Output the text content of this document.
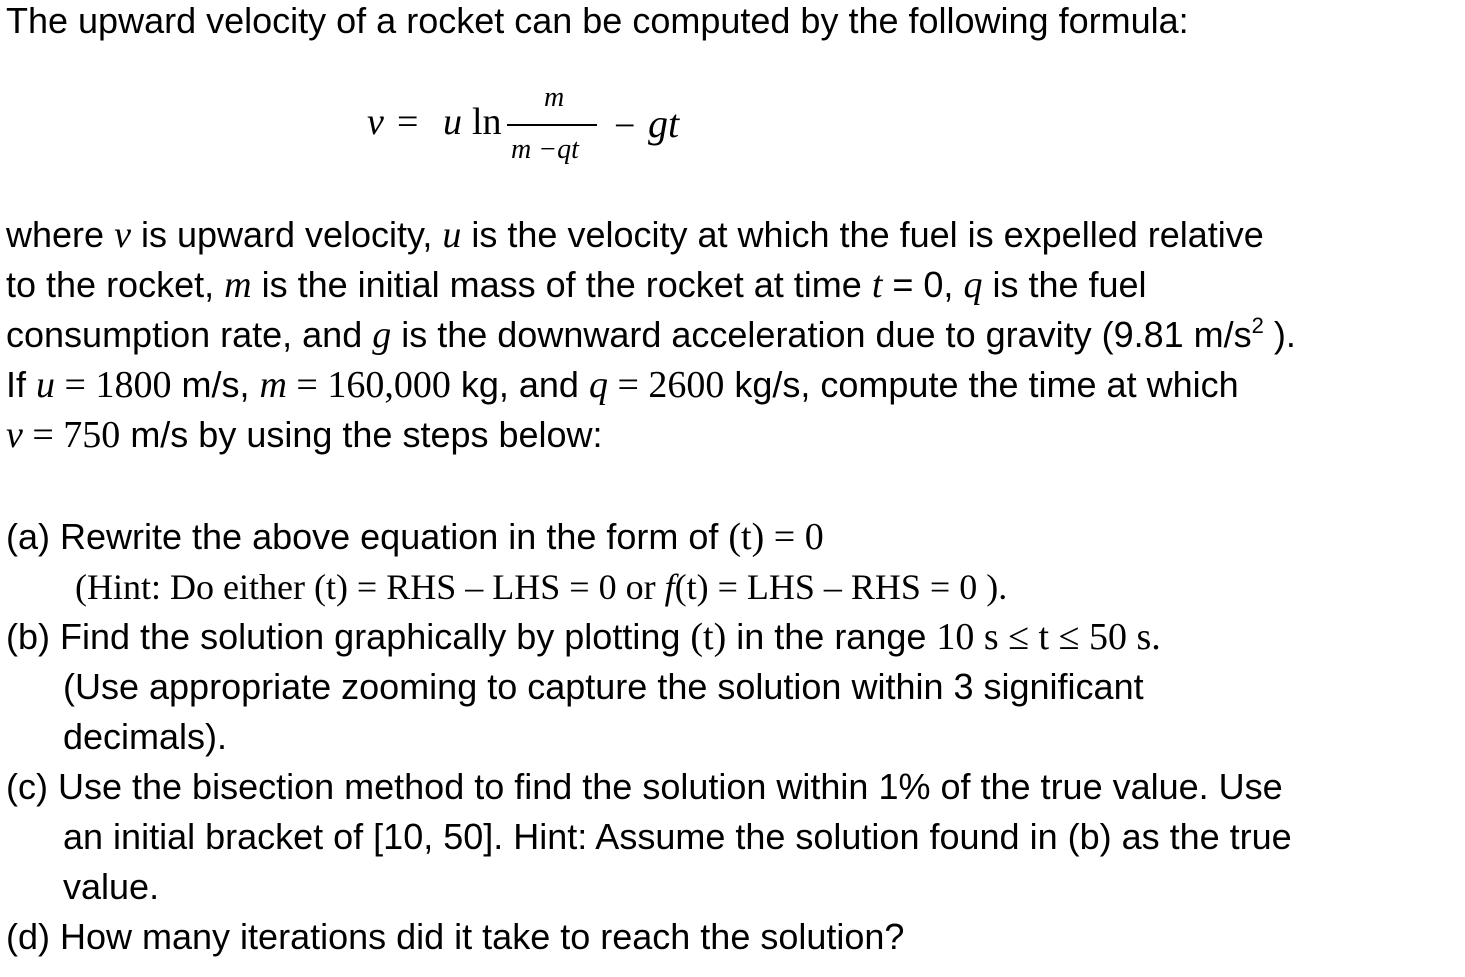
The upward velocity of a rocket can be computed by the following formula:
v = u ln
m
m −qt
− gt
where v is upward velocity, u is the velocity at which the fuel is expelled relative
to the rocket, m is the initial mass of the rocket at time t = 0, q is the fuel
consumption rate, and g is the downward acceleration due to gravity (9.81 $m/s^2$ ).
If u = 1800 m/s, m = 160,000 kg, and q = 2600 kg/s, compute the time at which
v = 750 m/s by using the steps below:
(a) Rewrite the above equation in the form of (t) = 0
(Hint: Do either (t) = RHS – LHS = 0 or f(t) = LHS – RHS = 0 ).
(b) Find the solution graphically by plotting (t) in the range 10 s ≤ t ≤ 50 s.
(Use appropriate zooming to capture the solution within 3 significant
decimals).
(c) Use the bisection method to find the solution within 1% of the true value. Use
an initial bracket of [10, 50]. Hint: Assume the solution found in (b) as the true
value.
(d) How many iterations did it take to reach the solution?
